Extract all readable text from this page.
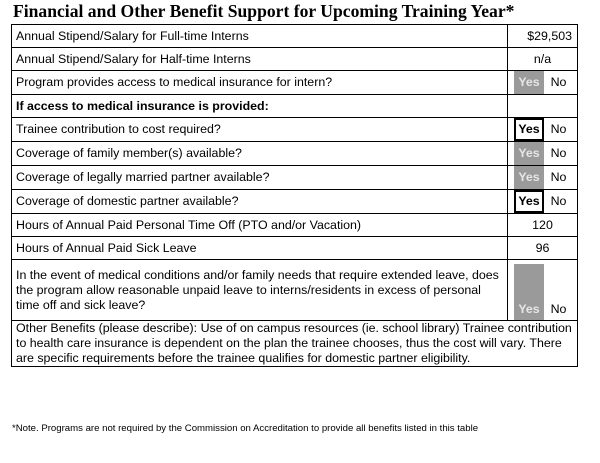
Financial and Other Benefit Support for Upcoming Training Year*
Annual Stipend/Salary for Full-time Interns	$29,503
Annual Stipend/Salary for Half-time Interns	n/a
Program provides access to medical insurance for intern?	Yes No

If access to medical insurance is provided:	
Trainee contribution to cost required?	Yes No

Coverage of family member(s) available?	Yes No

Coverage of legally married partner available?	Yes No

Coverage of domestic partner available?	Yes No

Hours of Annual Paid Personal Time Off (PTO and/or Vacation)	120
Hours of Annual Paid Sick Leave	96
In the event of medical conditions and/or family needs that require extended leave, does the program allow reasonable unpaid leave to interns/residents in excess of personal time off and sick leave?	Yes No

Other Benefits (please describe): Use of on campus resources (ie. school library) Trainee contribution to health care insurance is dependent on the plan the trainee chooses, thus the cost will vary. There are specific requirements before the trainee qualifies for domestic partner eligibility.	
*Note. Programs are not required by the Commission on Accreditation to provide all benefits listed in this table
